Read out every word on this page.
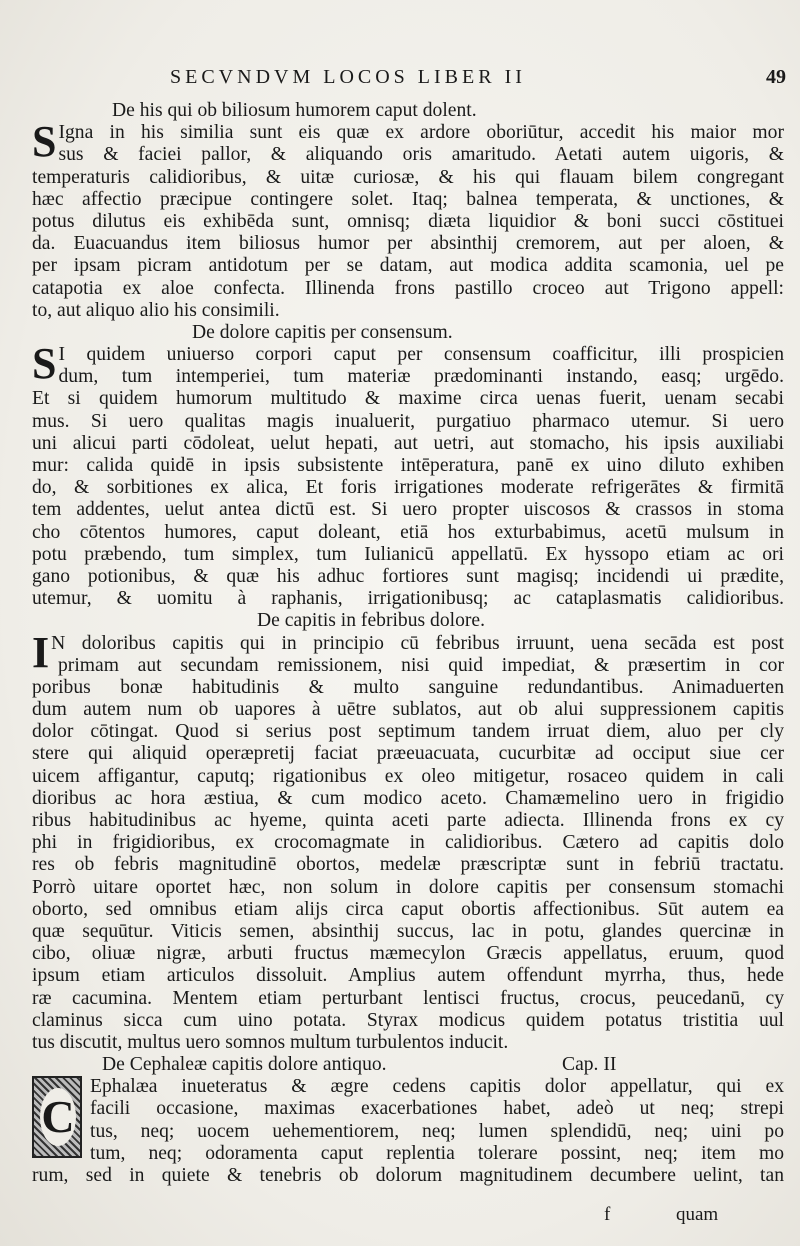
SECVNDVM LOCOS LIBER II	49
De his qui ob biliosum humorem caput dolent.
S Igna in his similia sunt eis quæ ex ardore oboriūtur, accedit his maior mor
sus & faciei pallor, & aliquando oris amaritudo. Aetati autem uigoris, &
temperaturis calidioribus, & uitæ curiosæ, & his qui flauam bilem congregant
hæc affectio præcipue contingere solet. Itaq; balnea temperata, & unctiones, &
potus dilutus eis exhibēda sunt, omnisq; diæta liquidior & boni succi cōstituei
da. Euacuandus item biliosus humor per absinthij cremorem, aut per aloen, &
per ipsam picram antidotum per se datam, aut modica addita scamonia, uel pe
catapotia ex aloe confecta. Illinenda frons pastillo croceo aut Trigono appell:
to, aut aliquo alio his consimili.
De dolore capitis per consensum.
S I quidem uniuerso corpori caput per consensum coafficitur, illi prospicien
dum, tum intemperiei, tum materiæ prædominanti instando, easq; urgēdo.
Et si quidem humorum multitudo & maxime circa uenas fuerit, uenam secabi
mus. Si uero qualitas magis inualuerit, purgatiuo pharmaco utemur. Si uero
uni alicui parti cōdoleat, uelut hepati, aut uetri, aut stomacho, his ipsis auxiliabi
mur: calida quidē in ipsis subsistente intēperatura, panē ex uino diluto exhiben
do, & sorbitiones ex alica, Et foris irrigationes moderate refrigerātes & firmitā
tem addentes, uelut antea dictū est. Si uero propter uiscosos & crassos in stoma
cho cōtentos humores, caput doleant, etiā hos exturbabimus, acetū mulsum in
potu præbendo, tum simplex, tum Iulianicū appellatū. Ex hyssopo etiam ac ori
gano potionibus, & quæ his adhuc fortiores sunt magisq; incidendi ui prædite,
utemur, & uomitu à raphanis, irrigationibusq; ac cataplasmatis calidioribus.
De capitis in febribus dolore.
I N doloribus capitis qui in principio cū febribus irruunt, uena secāda est post
primam aut secundam remissionem, nisi quid impediat, & præsertim in cor
poribus bonæ habitudinis & multo sanguine redundantibus. Animaduerten
dum autem num ob uapores à uētre sublatos, aut ob alui suppressionem capitis
dolor cōtingat. Quod si serius post septimum tandem irruat diem, aluo per cly
stere qui aliquid operæpretij faciat præeuacuata, cucurbitæ ad occiput siue cer
uicem affigantur, caputq; rigationibus ex oleo mitigetur, rosaceo quidem in cali
dioribus ac hora æstiua, & cum modico aceto. Chamæmelino uero in frigidio
ribus habitudinibus ac hyeme, quinta aceti parte adiecta. Illinenda frons ex cy
phi in frigidioribus, ex crocomagmate in calidioribus. Cætero ad capitis dolo
res ob febris magnitudinē obortos, medelæ præscriptæ sunt in febriū tractatu.
Porrò uitare oportet hæc, non solum in dolore capitis per consensum stomachi
oborto, sed omnibus etiam alijs circa caput obortis affectionibus. Sūt autem ea
quæ sequūtur. Viticis semen, absinthij succus, lac in potu, glandes quercinæ in
cibo, oliuæ nigræ, arbuti fructus mæmecylon Græcis appellatus, eruum, quod
ipsum etiam articulos dissoluit. Amplius autem offendunt myrrha, thus, hede
ræ cacumina. Mentem etiam perturbant lentisci fructus, crocus, peucedanū, cy
claminus sicca cum uino potata. Styrax modicus quidem potatus tristitia uul
tus discutit, multus uero somnos multum turbulentos inducit.
De Cephaleæ capitis dolore antiquo.	Cap. II
C
Ephalæa inueteratus & ægre cedens capitis dolor appellatur, qui ex
facili occasione, maximas exacerbationes habet, adeò ut neq; strepi
tus, neq; uocem uehementiorem, neq; lumen splendidū, neq; uini po
tum, neq; odoramenta caput replentia tolerare possint, neq; item mo
rum, sed in quiete & tenebris ob dolorum magnitudinem decumbere uelint, tan
f	quam
